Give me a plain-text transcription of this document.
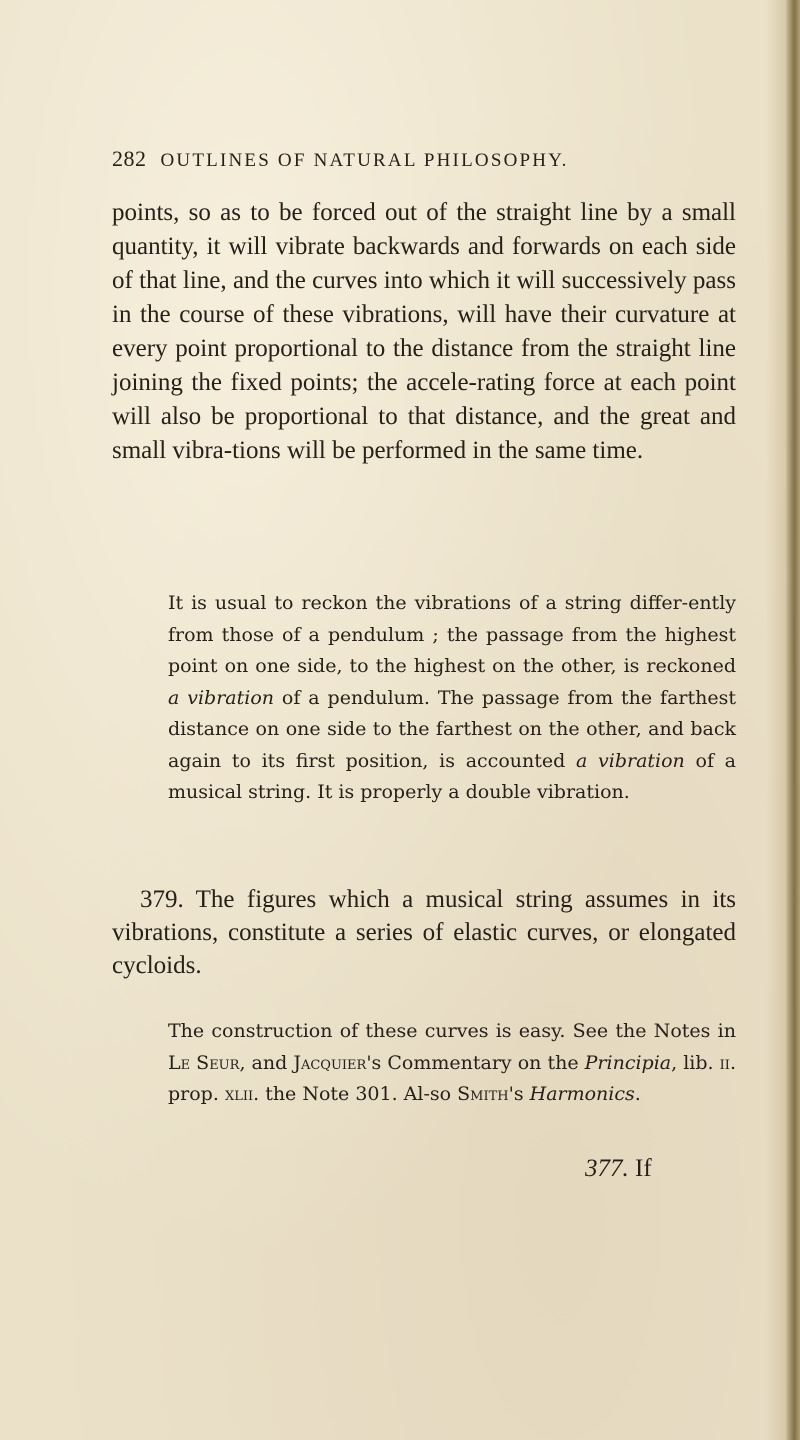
282 OUTLINES OF NATURAL PHILOSOPHY.

points, so as to be forced out of the straight line by a small quantity, it will vibrate backwards and forwards on each side of that line, and the curves into which it will successively pass in the course of these vibrations, will have their curvature at every point proportional to the distance from the straight line joining the fixed points; the accele-rating force at each point will also be proportional to that distance, and the great and small vibra-tions will be performed in the same time.

It is usual to reckon the vibrations of a string differ-ently from those of a pendulum ; the passage from the highest point on one side, to the highest on the other, is reckoned a vibration of a pendulum. The passage from the farthest distance on one side to the farthest on the other, and back again to its first position, is accounted a vibration of a musical string. It is properly a double vibration.

379. The figures which a musical string assumes in its vibrations, constitute a series of elastic curves, or elongated cycloids.

The construction of these curves is easy. See the Notes in Le Seur, and Jacquier's Commentary on the Principia, lib. ii. prop. xlii. the Note 301. Al-so Smith's Harmonics.

377. If
